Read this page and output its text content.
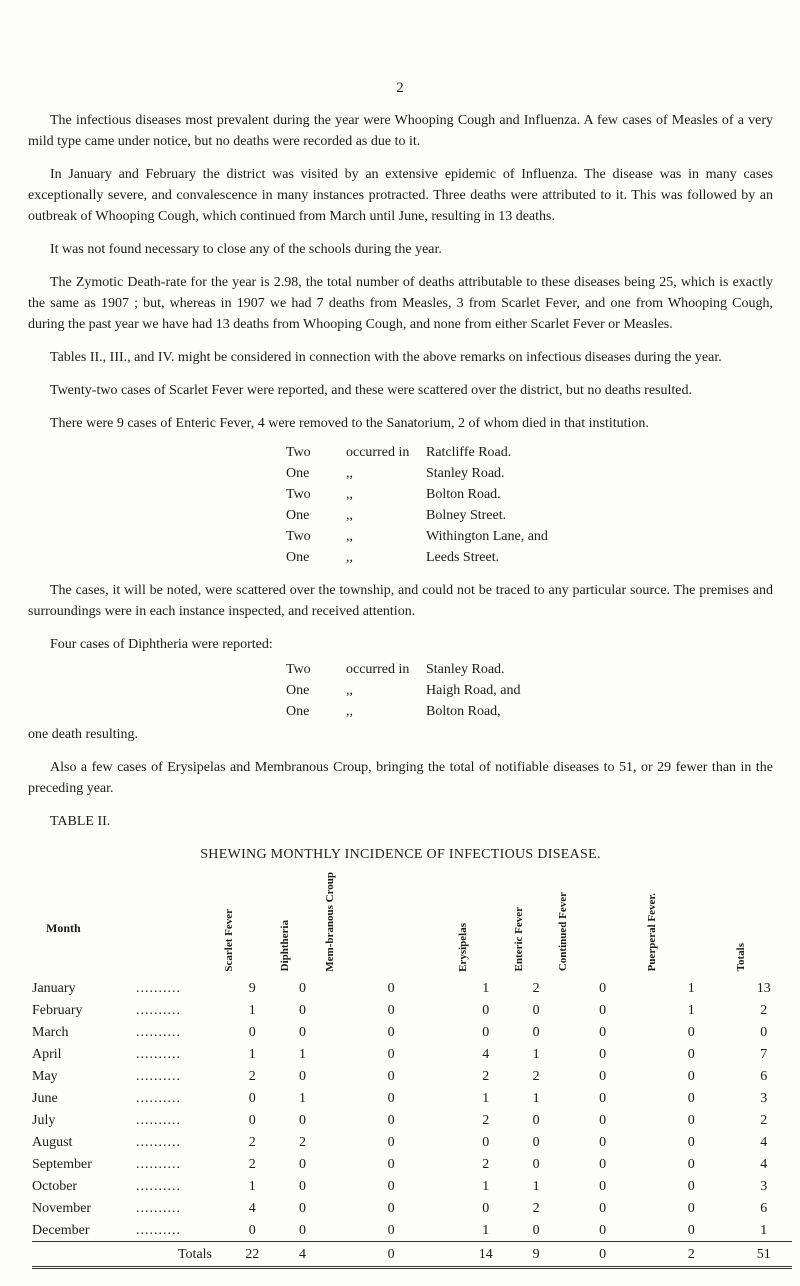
2

The infectious diseases most prevalent during the year were Whooping Cough and Influenza. A few cases of Measles of a very mild type came under notice, but no deaths were recorded as due to it.

In January and February the district was visited by an extensive epidemic of Influenza. The disease was in many cases exceptionally severe, and convalescence in many instances protracted. Three deaths were attributed to it. This was followed by an outbreak of Whooping Cough, which continued from March until June, resulting in 13 deaths.

It was not found necessary to close any of the schools during the year.

The Zymotic Death-rate for the year is 2.98, the total number of deaths attributable to these diseases being 25, which is exactly the same as 1907 ; but, whereas in 1907 we had 7 deaths from Measles, 3 from Scarlet Fever, and one from Whooping Cough, during the past year we have had 13 deaths from Whooping Cough, and none from either Scarlet Fever or Measles.

Tables II., III., and IV. might be considered in connection with the above remarks on infectious diseases during the year.

Twenty-two cases of Scarlet Fever were reported, and these were scattered over the district, but no deaths resulted.

There were 9 cases of Enteric Fever, 4 were removed to the Sanatorium, 2 of whom died in that institution.

Two	occurred in	Ratcliffe Road.
One	,,	Stanley Road.
Two	,,	Bolton Road.
One	,,	Bolney Street.
Two	,,	Withington Lane, and
One	,,	Leeds Street.

The cases, it will be noted, were scattered over the township, and could not be traced to any particular source. The premises and surroundings were in each instance inspected, and received attention.

Four cases of Diphtheria were reported:

Two	occurred in	Stanley Road.
One	,,	Haigh Road, and
One	,,	Bolton Road,

one death resulting.

Also a few cases of Erysipelas and Membranous Croup, bringing the total of notifiable diseases to 51, or 29 fewer than in the preceding year.

TABLE II.

SHEWING MONTHLY INCIDENCE OF INFECTIOUS DISEASE.
Month	Scarlet Fever	Diphtheria	Mem-branous Croup	Erysipelas	Enteric Fever	Continued Fever	Puerperal Fever.	Totals
January ..........	9	0	0	1	2	0	1	13
February ..........	1	0	0	0	0	0	1	2
March ..........	0	0	0	0	0	0	0	0
April ..........	1	1	0	4	1	0	0	7
May ..........	2	0	0	2	2	0	0	6
June ..........	0	1	0	1	1	0	0	3
July ..........	0	0	0	2	0	0	0	2
August ..........	2	2	0	0	0	0	0	4
September ..........	2	0	0	2	0	0	0	4
October ..........	1	0	0	1	1	0	0	3
November ..........	4	0	0	0	2	0	0	6
December ..........	0	0	0	1	0	0	0	1
Totals	22	4	0	14	9	0	2	51
